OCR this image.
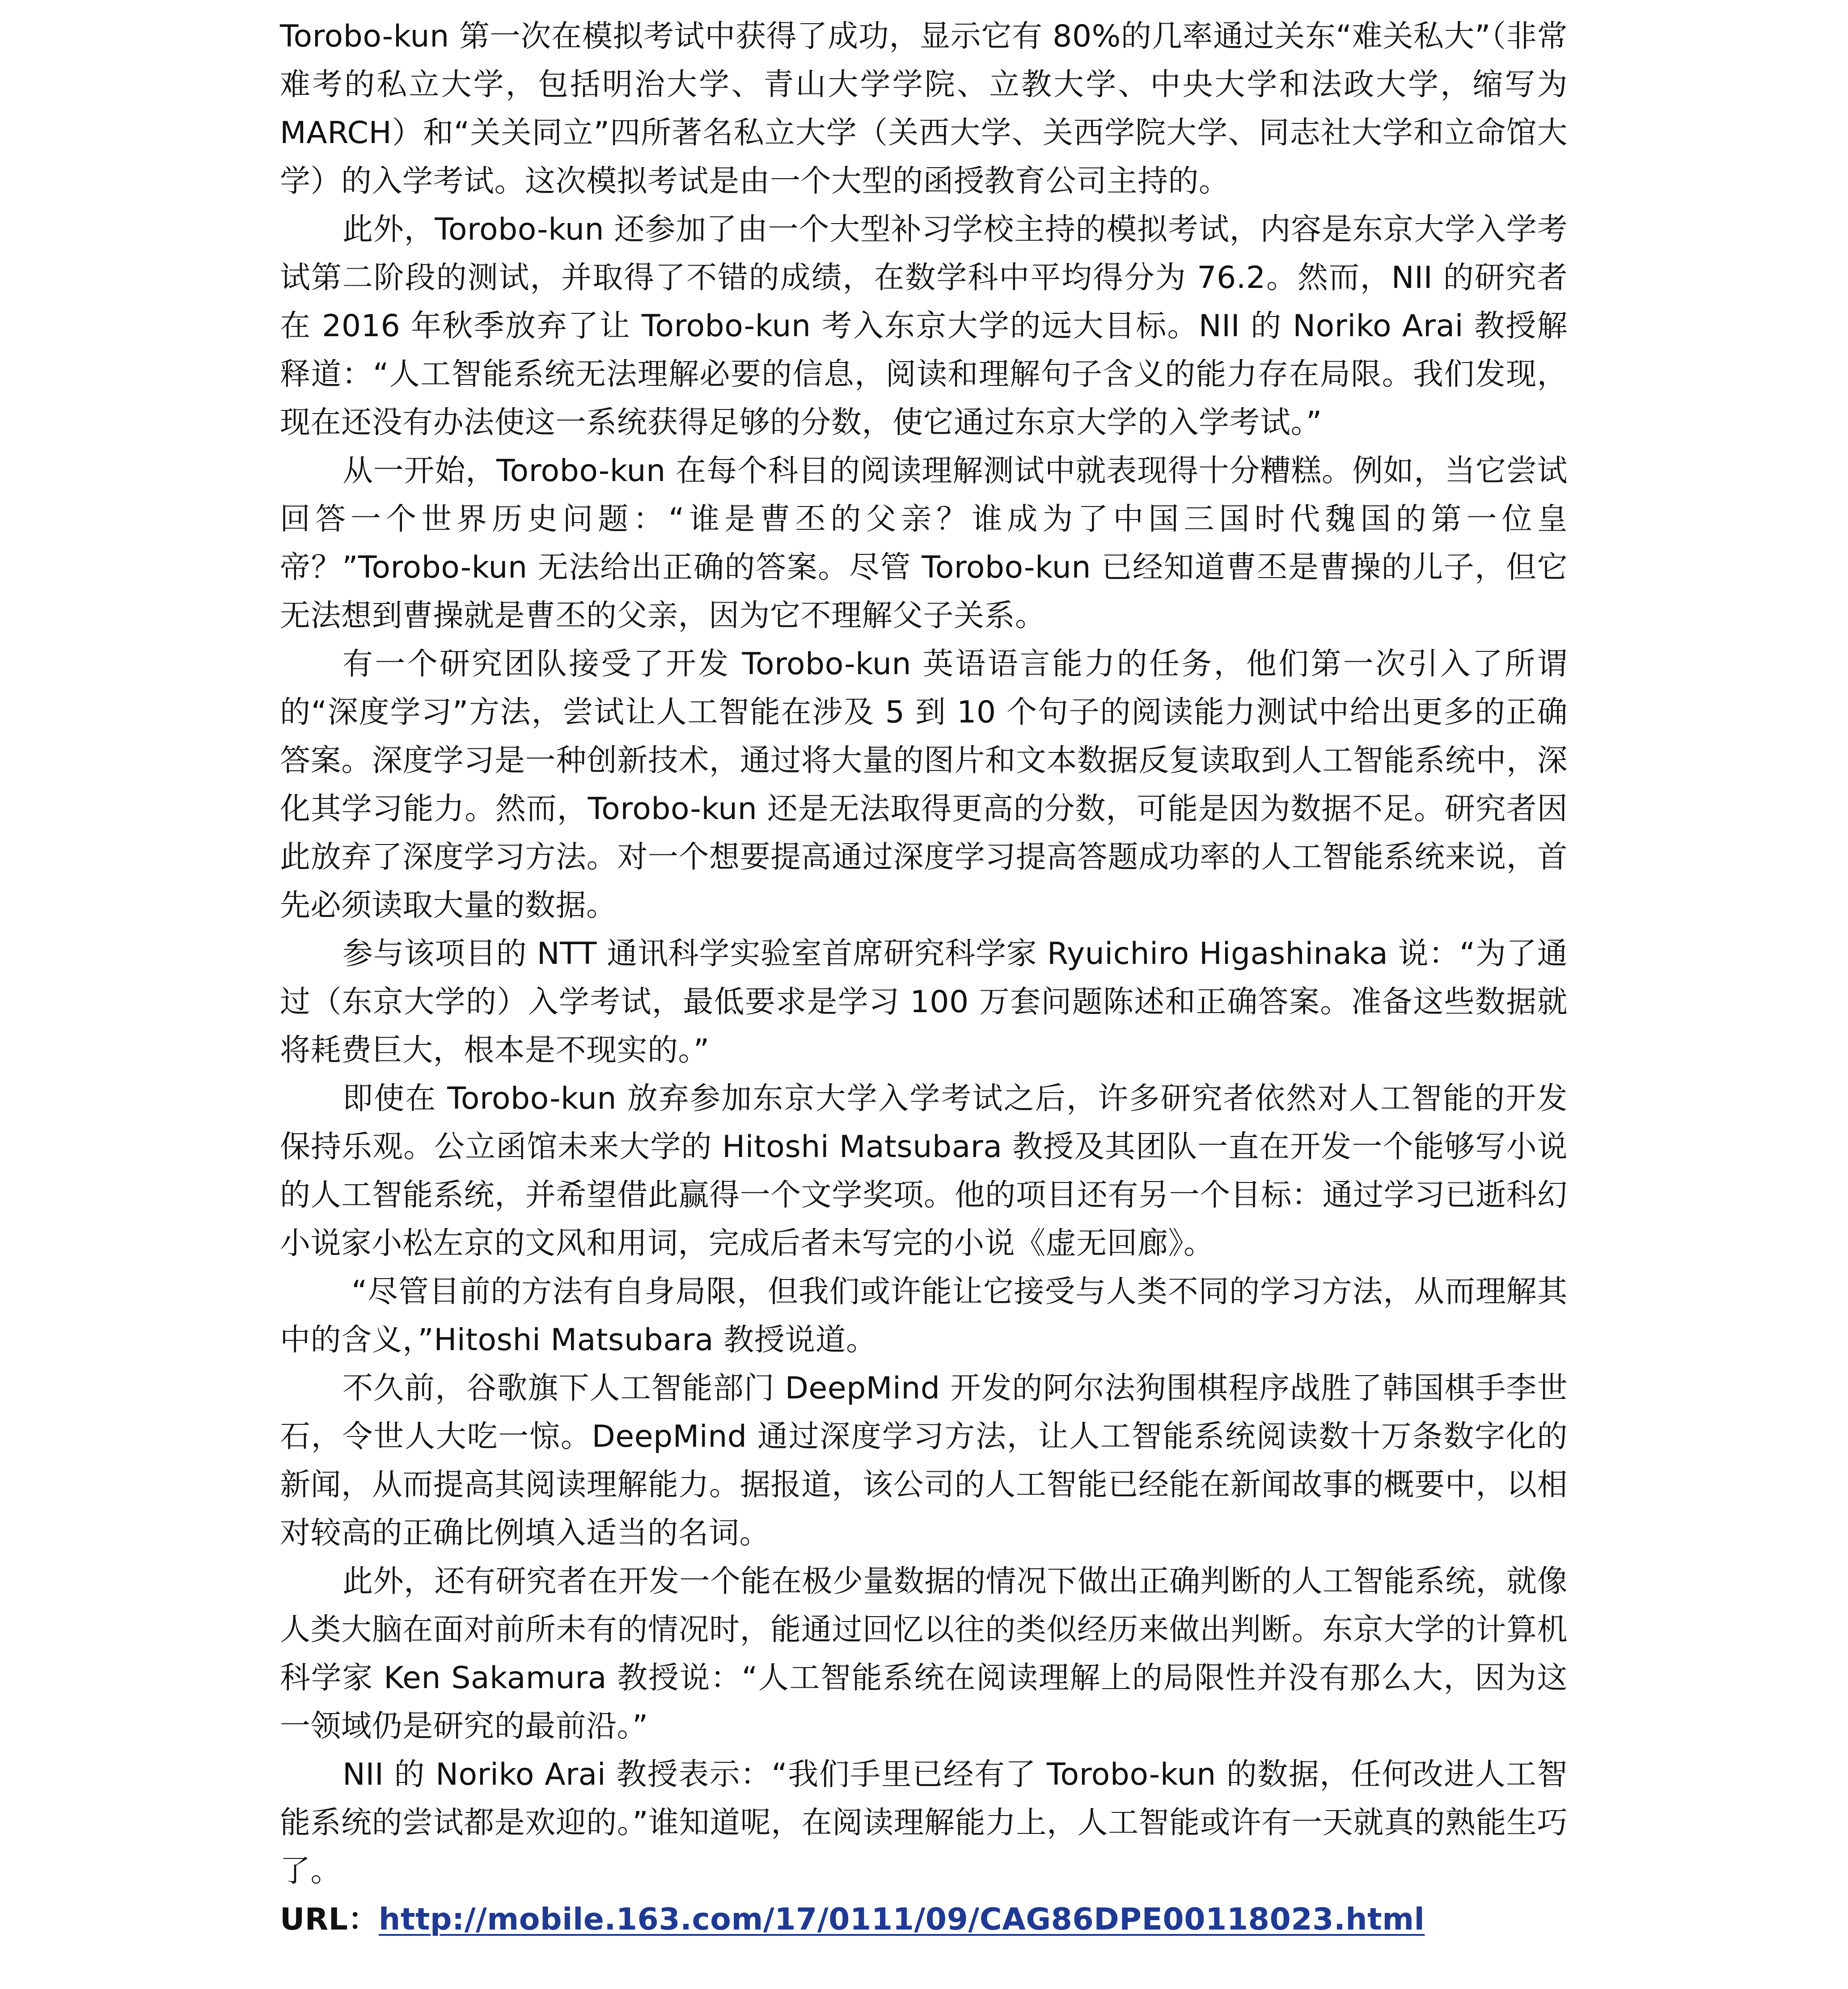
Torobo-kun 第一次在模拟考试中获得了成功，显示它有 80%的几率通过关东“难关私大”（非常难考的私立大学，包括明治大学、青山大学学院、立教大学、中央大学和法政大学，缩写为 MARCH）和“关关同立”四所著名私立大学（关西大学、关西学院大学、同志社大学和立命馆大学）的入学考试。这次模拟考试是由一个大型的函授教育公司主持的。

此外，Torobo-kun 还参加了由一个大型补习学校主持的模拟考试，内容是东京大学入学考试第二阶段的测试，并取得了不错的成绩，在数学科中平均得分为 76.2。然而，NII 的研究者在 2016 年秋季放弃了让 Torobo-kun 考入东京大学的远大目标。NII 的 Noriko Arai 教授解释道：“人工智能系统无法理解必要的信息，阅读和理解句子含义的能力存在局限。我们发现，现在还没有办法使这一系统获得足够的分数，使它通过东京大学的入学考试。”

从一开始，Torobo-kun 在每个科目的阅读理解测试中就表现得十分糟糕。例如，当它尝试回答一个世界历史问题：“谁是曹丕的父亲？谁成为了中国三国时代魏国的第一位皇帝？”Torobo-kun 无法给出正确的答案。尽管 Torobo-kun 已经知道曹丕是曹操的儿子，但它无法想到曹操就是曹丕的父亲，因为它不理解父子关系。

有一个研究团队接受了开发 Torobo-kun 英语语言能力的任务，他们第一次引入了所谓的“深度学习”方法，尝试让人工智能在涉及 5 到 10 个句子的阅读能力测试中给出更多的正确答案。深度学习是一种创新技术，通过将大量的图片和文本数据反复读取到人工智能系统中，深化其学习能力。然而，Torobo-kun 还是无法取得更高的分数，可能是因为数据不足。研究者因此放弃了深度学习方法。对一个想要提高通过深度学习提高答题成功率的人工智能系统来说，首先必须读取大量的数据。

参与该项目的 NTT 通讯科学实验室首席研究科学家 Ryuichiro Higashinaka 说：“为了通过（东京大学的）入学考试，最低要求是学习 100 万套问题陈述和正确答案。准备这些数据就将耗费巨大，根本是不现实的。”

即使在 Torobo-kun 放弃参加东京大学入学考试之后，许多研究者依然对人工智能的开发保持乐观。公立函馆未来大学的 Hitoshi Matsubara 教授及其团队一直在开发一个能够写小说的人工智能系统，并希望借此赢得一个文学奖项。他的项目还有另一个目标：通过学习已逝科幻小说家小松左京的文风和用词，完成后者未写完的小说《虚无回廊》。

“尽管目前的方法有自身局限，但我们或许能让它接受与人类不同的学习方法，从而理解其中的含义，”Hitoshi Matsubara 教授说道。

不久前，谷歌旗下人工智能部门 DeepMind 开发的阿尔法狗围棋程序战胜了韩国棋手李世石，令世人大吃一惊。DeepMind 通过深度学习方法，让人工智能系统阅读数十万条数字化的新闻，从而提高其阅读理解能力。据报道，该公司的人工智能已经能在新闻故事的概要中，以相对较高的正确比例填入适当的名词。

此外，还有研究者在开发一个能在极少量数据的情况下做出正确判断的人工智能系统，就像人类大脑在面对前所未有的情况时，能通过回忆以往的类似经历来做出判断。东京大学的计算机科学家 Ken Sakamura 教授说：“人工智能系统在阅读理解上的局限性并没有那么大，因为这一领域仍是研究的最前沿。”

NII 的 Noriko Arai 教授表示：“我们手里已经有了 Torobo-kun 的数据，任何改进人工智能系统的尝试都是欢迎的。”谁知道呢，在阅读理解能力上，人工智能或许有一天就真的熟能生巧了。

URL：http://mobile.163.com/17/0111/09/CAG86DPE00118023.html
